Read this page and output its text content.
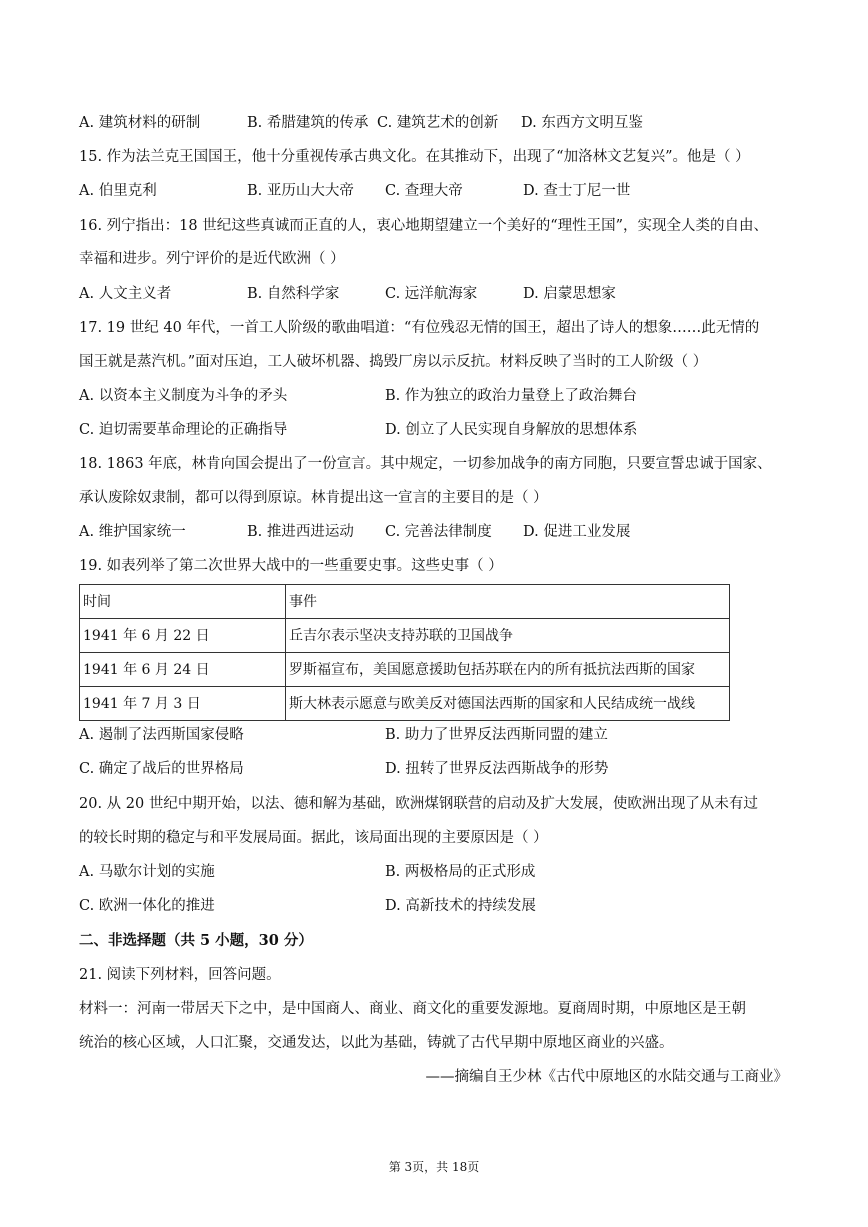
A. 建筑材料的研制	B. 希腊建筑的传承 C. 建筑艺术的创新 D. 东西方文明互鉴
15. 作为法兰克王国国王，他十分重视传承古典文化。在其推动下，出现了“加洛林文艺复兴”。他是（ ）
A. 伯里克利	B. 亚历山大大帝 C. 查理大帝	D. 查士丁尼一世
16. 列宁指出：18 世纪这些真诚而正直的人，衷心地期望建立一个美好的“理性王国”，实现全人类的自由、
幸福和进步。列宁评价的是近代欧洲（ ）
A. 人文主义者	B. 自然科学家	C. 远洋航海家	D. 启蒙思想家
17. 19 世纪 40 年代，一首工人阶级的歌曲唱道：“有位残忍无情的国王，超出了诗人的想象……此无情的
国王就是蒸汽机。”面对压迫，工人破坏机器、捣毁厂房以示反抗。材料反映了当时的工人阶级（ ）
A. 以资本主义制度为斗争的矛头	B. 作为独立的政治力量登上了政治舞台
C. 迫切需要革命理论的正确指导	D. 创立了人民实现自身解放的思想体系
18. 1863 年底，林肯向国会提出了一份宣言。其中规定，一切参加战争的南方同胞，只要宣誓忠诚于国家、
承认废除奴隶制，都可以得到原谅。林肯提出这一宣言的主要目的是（ ）
A. 维护国家统一	B. 推进西进运动 C. 完善法律制度 D. 促进工业发展
19. 如表列举了第二次世界大战中的一些重要史事。这些史事（ ）
时间	事件
1941 年 6 月 22 日	丘吉尔表示坚决支持苏联的卫国战争
1941 年 6 月 24 日	罗斯福宣布，美国愿意援助包括苏联在内的所有抵抗法西斯的国家
1941 年 7 月 3 日	斯大林表示愿意与欧美反对德国法西斯的国家和人民结成统一战线
A. 遏制了法西斯国家侵略	B. 助力了世界反法西斯同盟的建立
C. 确定了战后的世界格局	D. 扭转了世界反法西斯战争的形势
20. 从 20 世纪中期开始，以法、德和解为基础，欧洲煤钢联营的启动及扩大发展，使欧洲出现了从未有过
的较长时期的稳定与和平发展局面。据此，该局面出现的主要原因是（ ）
A. 马歇尔计划的实施	B. 两极格局的正式形成
C. 欧洲一体化的推进	D. 高新技术的持续发展
二、非选择题（共 5 小题，30 分）
21. 阅读下列材料，回答问题。
材料一：河南一带居天下之中，是中国商人、商业、商文化的重要发源地。夏商周时期，中原地区是王朝
统治的核心区域，人口汇聚，交通发达，以此为基础，铸就了古代早期中原地区商业的兴盛。
——摘编自王少林《古代中原地区的水陆交通与工商业》
第 3页，共 18页
